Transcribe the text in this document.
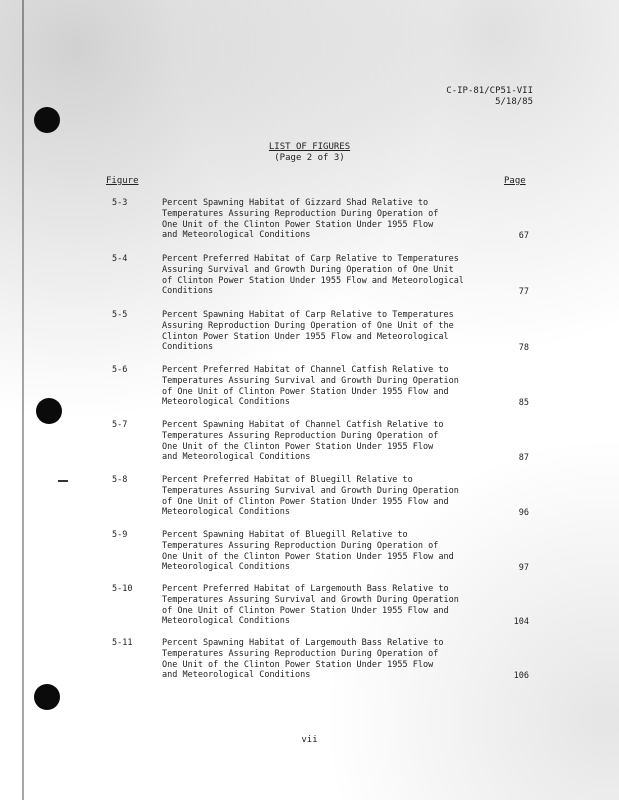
C-IP-81/CP51-VII
5/18/85
LIST OF FIGURES
(Page 2 of 3)
Figure	Page
5-3	Percent Spawning Habitat of Gizzard Shad Relative to
Temperatures Assuring Reproduction During Operation of
One Unit of the Clinton Power Station Under 1955 Flow
and Meteorological Conditions	67
5-4	Percent Preferred Habitat of Carp Relative to Temperatures
Assuring Survival and Growth During Operation of One Unit
of Clinton Power Station Under 1955 Flow and Meteorological
Conditions	77
5-5	Percent Spawning Habitat of Carp Relative to Temperatures
Assuring Reproduction During Operation of One Unit of the
Clinton Power Station Under 1955 Flow and Meteorological
Conditions	78
5-6	Percent Preferred Habitat of Channel Catfish Relative to
Temperatures Assuring Survival and Growth During Operation
of One Unit of Clinton Power Station Under 1955 Flow and
Meteorological Conditions	85
5-7	Percent Spawning Habitat of Channel Catfish Relative to
Temperatures Assuring Reproduction During Operation of
One Unit of the Clinton Power Station Under 1955 Flow
and Meteorological Conditions	87
5-8	Percent Preferred Habitat of Bluegill Relative to
Temperatures Assuring Survival and Growth During Operation
of One Unit of Clinton Power Station Under 1955 Flow and
Meteorological Conditions	96
5-9	Percent Spawning Habitat of Bluegill Relative to
Temperatures Assuring Reproduction During Operation of
One Unit of the Clinton Power Station Under 1955 Flow and
Meteorological Conditions	97
5-10	Percent Preferred Habitat of Largemouth Bass Relative to
Temperatures Assuring Survival and Growth During Operation
of One Unit of Clinton Power Station Under 1955 Flow and
Meteorological Conditions	104
5-11	Percent Spawning Habitat of Largemouth Bass Relative to
Temperatures Assuring Reproduction During Operation of
One Unit of the Clinton Power Station Under 1955 Flow
and Meteorological Conditions	106
vii
